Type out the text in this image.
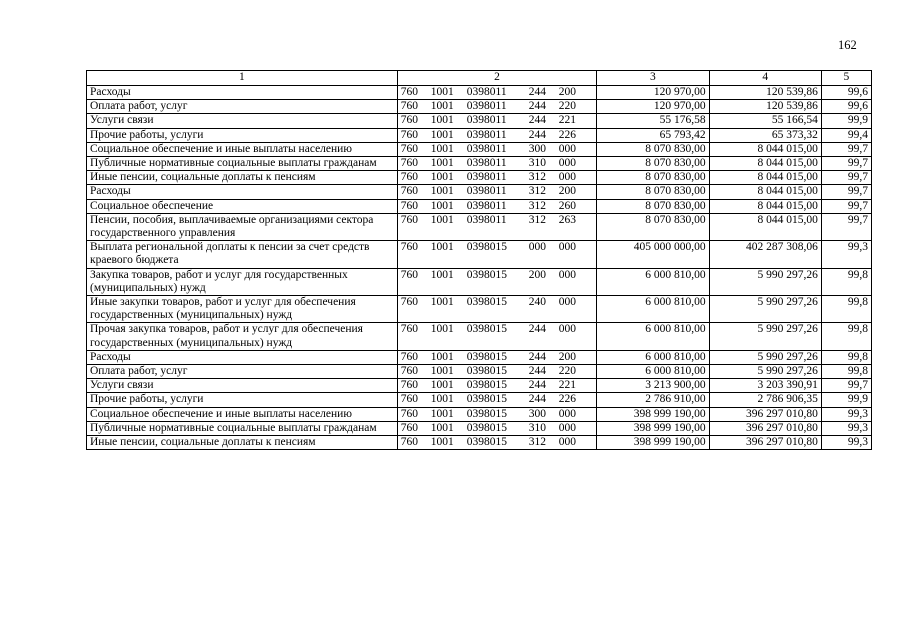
162
1	2	3	4	5
Расходы	760 1001 0398011 244 200	120 970,00	120 539,86	99,6
Оплата работ, услуг	760 1001 0398011 244 220	120 970,00	120 539,86	99,6
Услуги связи	760 1001 0398011 244 221	55 176,58	55 166,54	99,9
Прочие работы, услуги	760 1001 0398011 244 226	65 793,42	65 373,32	99,4
Социальное обеспечение и иные выплаты населению	760 1001 0398011 300 000	8 070 830,00	8 044 015,00	99,7
Публичные нормативные социальные выплаты гражданам	760 1001 0398011 310 000	8 070 830,00	8 044 015,00	99,7
Иные пенсии, социальные доплаты к пенсиям	760 1001 0398011 312 000	8 070 830,00	8 044 015,00	99,7
Расходы	760 1001 0398011 312 200	8 070 830,00	8 044 015,00	99,7
Социальное обеспечение	760 1001 0398011 312 260	8 070 830,00	8 044 015,00	99,7
Пенсии, пособия, выплачиваемые организациями сектора государственного управления	760 1001 0398011 312 263	8 070 830,00	8 044 015,00	99,7
Выплата региональной доплаты к пенсии за счет средств краевого бюджета	760 1001 0398015 000 000	405 000 000,00	402 287 308,06	99,3
Закупка товаров, работ и услуг для государственных (муниципальных) нужд	760 1001 0398015 200 000	6 000 810,00	5 990 297,26	99,8
Иные закупки товаров, работ и услуг для обеспечения государственных (муниципальных) нужд	760 1001 0398015 240 000	6 000 810,00	5 990 297,26	99,8
Прочая закупка товаров, работ и услуг для обеспечения государственных (муниципальных) нужд	760 1001 0398015 244 000	6 000 810,00	5 990 297,26	99,8
Расходы	760 1001 0398015 244 200	6 000 810,00	5 990 297,26	99,8
Оплата работ, услуг	760 1001 0398015 244 220	6 000 810,00	5 990 297,26	99,8
Услуги связи	760 1001 0398015 244 221	3 213 900,00	3 203 390,91	99,7
Прочие работы, услуги	760 1001 0398015 244 226	2 786 910,00	2 786 906,35	99,9
Социальное обеспечение и иные выплаты населению	760 1001 0398015 300 000	398 999 190,00	396 297 010,80	99,3
Публичные нормативные социальные выплаты гражданам	760 1001 0398015 310 000	398 999 190,00	396 297 010,80	99,3
Иные пенсии, социальные доплаты к пенсиям	760 1001 0398015 312 000	398 999 190,00	396 297 010,80	99,3
